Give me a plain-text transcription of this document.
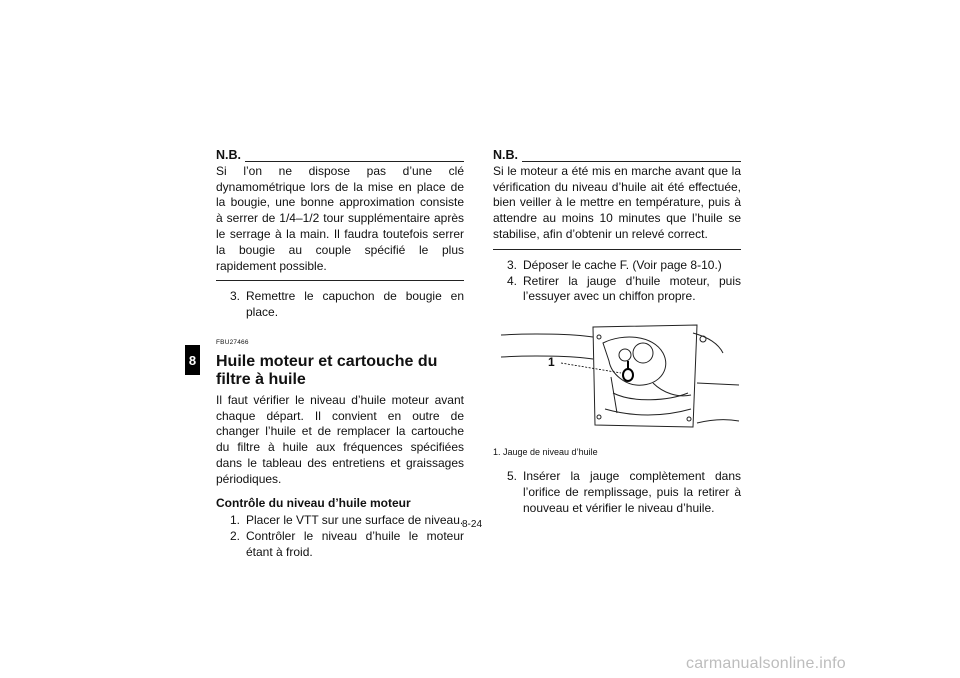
8
N.B.

Si l’on ne dispose pas d’une clé dynamométrique lors de la mise en place de la bougie, une bonne approximation consiste à serrer de 1/4–1/2 tour supplémentaire après le serrage à la main. Il faudra toutefois serrer la bougie au couple spécifié le plus rapidement possible.

3. Remettre le capuchon de bougie en place.
FBU27466
Huile moteur et cartouche du filtre à huile

Il faut vérifier le niveau d’huile moteur avant chaque départ. Il convient en outre de changer l’huile et de remplacer la cartouche du filtre à huile aux fréquences spécifiées dans le tableau des entretiens et graissages périodiques.

Contrôle du niveau d’huile moteur
1. Placer le VTT sur une surface de niveau.
2. Contrôler le niveau d’huile le moteur étant à froid.
N.B.

Si le moteur a été mis en marche avant que la vérification du niveau d’huile ait été effectuée, bien veiller à le mettre en température, puis à attendre au moins 10 minutes que l’huile se stabilise, afin d’obtenir un relevé correct.

3. Déposer le cache F. (Voir page 8-10.)
4. Retirer la jauge d’huile moteur, puis l’essuyer avec un chiffon propre.
1
1. Jauge de niveau d’huile
5. Insérer la jauge complètement dans l’orifice de remplissage, puis la retirer à nouveau et vérifier le niveau d’huile.
8-24
carmanualsonline.info
